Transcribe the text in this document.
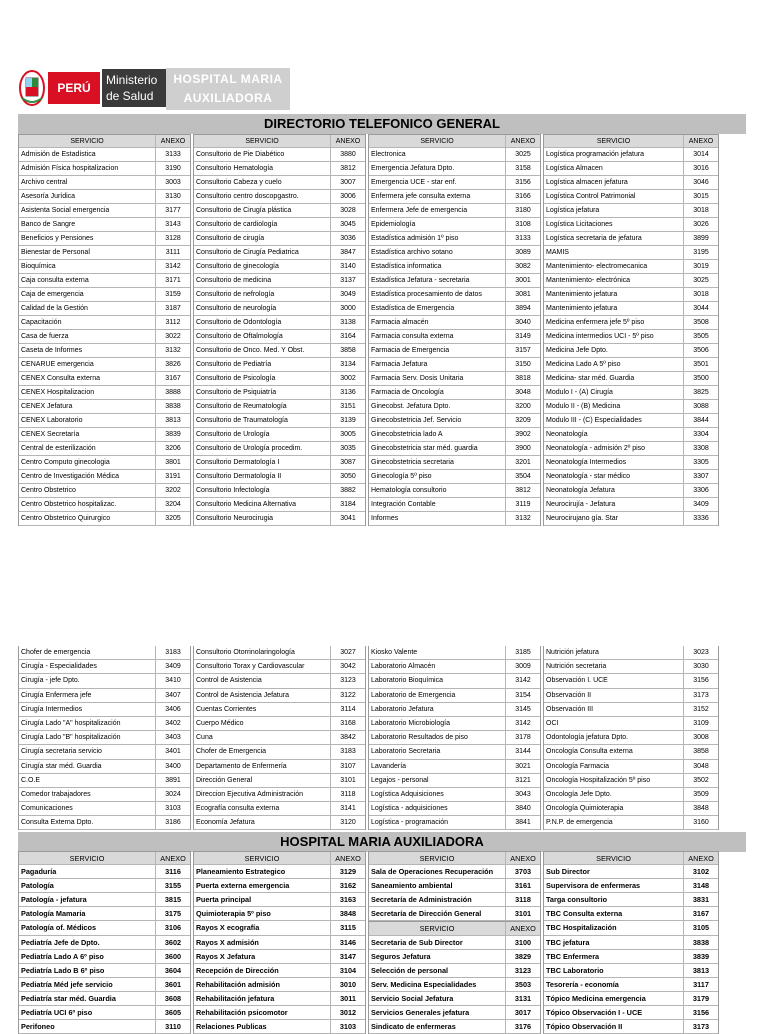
PERÚ
Ministerio
de Salud
HOSPITAL MARIA
AUXILIADORA
DIRECTORIO TELEFONICO GENERAL
SERVICIO	ANEXO
Admisión de Estadística	3133
Admisión Física hospitalizacion	3190
Archivo central	3003
Asesoría Jurídica	3130
Asistenta Social emergencia	3177
Banco de Sangre	3143
Beneficios y Pensiones	3128
Bienestar de Personal	3111
Bioquímica	3142
Caja consulta externa	3171
Caja de emergencia	3159
Calidad de la Gestión	3187
Capacitación	3112
Casa de fuerza	3022
Caseta de Informes	3132
CENARUE emergencia	3826
CENEX Consulta externa	3167
CENEX Hospitalizacion	3888
CENEX Jefatura	3838
CENEX Laboratorio	3813
CENEX Secretaría	3839
Central de esterilización	3206
Centro Computo ginecologia	3801
Centro de Investigación Médica	3191
Centro Obstetrico	3202
Centro Obstetrico hospitalizac.	3204
Centro Obstetrico Quirurgico	3205
SERVICIO	ANEXO
Consultorio de Pie Diabético	3880
Consultorio Hematología	3812
Consultorio Cabeza y cuelo	3007
Consultorio centro doscopgastro.	3006
Consultorio de Cirugía plástica	3028
Consultorio de cardiología	3045
Consultorio de cirugía	3036
Consultorio de Cirugía Pediatrica	3847
Consultorio de ginecología	3140
Consultorio de medicina	3137
Consultorio de nefrología	3049
Consultorio de neurología	3000
Consultorio de Odontología	3138
Consultorio de Oftalmología	3164
Consultorio de Onco. Med. Y Obst.	3858
Consultorio de Pediatría	3134
Consultorio de Psicología	3002
Consultorio de Psiquiatría	3136
Consultorio de Reumatología	3151
Consultorio de Traumatología	3139
Consultorio de Urología	3005
Consultorio de Urología procedim.	3035
Consultorio Dermatología I	3087
Consultorio Dermatología II	3050
Consultorio Infectología	3882
Consultorio Medicina Alternativa	3184
Consultorio Neurocirugia	3041
SERVICIO	ANEXO
Electronica	3025
Emergencia Jefatura Dpto.	3158
Emergencia UCE - star enf.	3156
Enfermera jefe consulta externa	3166
Enfermera Jefe de emergencia	3180
Epidemiología	3108
Estadística admisión 1º piso	3133
Estadística archivo sotano	3089
Estadística informatica	3082
Estadística Jefatura - secretaria	3001
Estadística procesamiento de datos	3081
Estadística de Emergencia	3894
Farmacia almacén	3040
Farmacia consulta externa	3149
Farmacia de Emergencia	3157
Farmacia Jefatura	3150
Farmacia Serv. Dosis Unitaria	3818
Farmacia de Oncología	3048
Ginecobst. Jefatura Dpto.	3200
Ginecobstetricia Jef. Servicio	3209
Ginecobstetricia lado A	3902
Ginecobstetricia star méd. guardia	3900
Ginecobstetricia secretaria	3201
Ginecología 5º piso	3504
Hematología consultorio	3812
Integración Contable	3119
Informes	3132
SERVICIO	ANEXO
Logística programación jefatura	3014
Logística Almacen	3016
Logística almacen jefatura	3046
Logística Control Patrimonial	3015
Logística jefatura	3018
Logística Licitaciones	3026
Logística secretaria de jefatura	3899
MAMIS	3195
Mantenimiento- electromecanica	3019
Mantenimiento- electrónica	3025
Mantenimiento jefatura	3018
Mantenimiento jefatura	3044
Medicina enfermera jefe 5º piso	3508
Medicina intermedios UCI - 5º piso	3505
Medicina Jefe Dpto.	3506
Medicina Lado A 5º piso	3501
Medicina- star méd. Guardia	3500
Modulo I - (A) Cirugía	3825
Modulo II - (B) Medicina	3088
Modulo III - (C) Especialidades	3844
Neonatología	3304
Neonatología - admisión 2º piso	3308
Neonatología Intermedios	3305
Neonatología - star médico	3307
Neonatología Jefatura	3306
Neurocirujía - Jefatura	3409
Neurocirujano gía. Star	3336
Chofer de emergencia	3183
Cirugía - Especialidades	3409
Cirugía - jefe Dpto.	3410
Cirugía Enfermera jefe	3407
Cirugía Intermedios	3406
Cirugía Lado "A" hospitalización	3402
Cirugía Lado "B" hospitalización	3403
Cirugía secretaria servicio	3401
Cirugía star méd. Guardia	3400
C.O.E	3891
Comedor trabajadores	3024
Comunicaciones	3103
Consulta Externa Dpto.	3186
Consultorio Otorrinolaringología	3027
Consultorio Torax y Cardiovascular	3042
Control de Asistencia	3123
Control de Asistencia Jefatura	3122
Cuentas Corrientes	3114
Cuerpo Médico	3168
Cuna	3842
Chofer de Emergencia	3183
Departamento de Enfermería	3107
Dirección General	3101
Direccion Ejecutiva Administración	3118
Ecografía consulta externa	3141
Economía Jefatura	3120
Kiosko Valente	3185
Laboratorio Almacén	3009
Laboratorio Bioquímica	3142
Laboratorio de Emergencia	3154
Laboratorio Jefatura	3145
Laboratorio Microbiología	3142
Laboratorio Resultados de piso	3178
Laboratorio Secretaria	3144
Lavandería	3021
Legajos - personal	3121
Logística Adquisiciones	3043
Logística - adquisiciones	3840
Logística - programación	3841
Nutrición jefatura	3023
Nutrición secretaria	3030
Observación I. UCE	3156
Observación II	3173
Observación III	3152
OCI	3109
Odontología jefatura Dpto.	3008
Oncología Consulta externa	3858
Oncología Farmacia	3048
Oncología Hospitalización 5º piso	3502
Oncología Jefe Dpto.	3509
Oncología Quimioterapia	3848
P.N.P. de emergencia	3160
HOSPITAL MARIA AUXILIADORA
SERVICIO	ANEXO
Pagaduría	3116
Patología	3155
Patología - jefatura	3815
Patología Mamaria	3175
Patología of. Médicos	3106
Pediatría Jefe de Dpto.	3602
Pediatría Lado A 6º piso	3600
Pediatría Lado B 6º piso	3604
Pediatría Méd jefe servicio	3601
Pediatría star méd. Guardia	3608
Pediatría UCI 6º piso	3605
Perifoneo	3110
SERVICIO	ANEXO
Planeamiento Estrategico	3129
Puerta externa emergencia	3162
Puerta principal	3163
Quimioterapia 5º piso	3848
Rayos X ecografía	3115
Rayos X admisión	3146
Rayos X Jefatura	3147
Recepción de Dirección	3104
Rehabilitación admisión	3010
Rehabilitación jefatura	3011
Rehabilitación psicomotor	3012
Relaciones Publicas	3103
SERVICIO	ANEXO
Sala de Operaciones Recuperación	3703
Saneamiento ambiental	3161
Secretaría de Administración	3118
Secretaría de Dirección General	3101
SERVICIO	ANEXO
Secretaria de Sub Director	3100
Seguros Jefatura	3829
Selección de personal	3123
Serv. Medicina Especialidades	3503
Servicio Social Jefatura	3131
Servicios Generales jefatura	3017
Sindicato de enfermeras	3176
SERVICIO	ANEXO
Sub Director	3102
Supervisora de enfermeras	3148
Targa consultorio	3831
TBC Consulta externa	3167
TBC Hospitalización	3105
TBC jefatura	3838
TBC Enfermera	3839
TBC Laboratorio	3813
Tesorería - economía	3117
Tópico Medicina emergencia	3179
Tópico Observación I - UCE	3156
Tópico Observación II	3173
